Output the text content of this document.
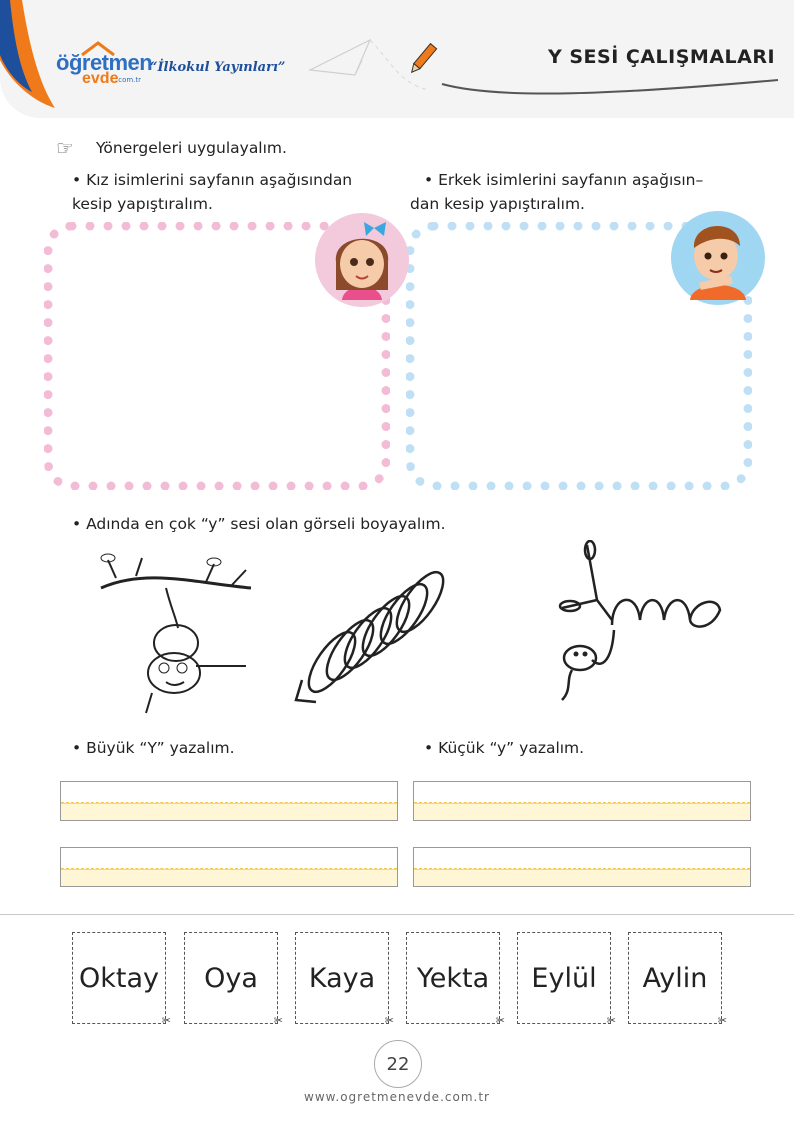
öğretmen
evde
.com.tr
“İlkokul Yayınları”	Y SESİ ÇALIŞMALARI
☞ Yönergeleri uygulayalım.
• Kız isimlerini sayfanın aşağısından
kesip yapıştıralım.
• Erkek isimlerini sayfanın aşağısın–
dan kesip yapıştıralım.
• Adında en çok “y” sesi olan görseli boyayalım.
• Büyük “Y” yazalım.	• Küçük “y” yazalım.
Oktay
✂
Oya
✂
Kaya
✂
Yekta
✂
Eylül
✂
Aylin
✂
22
www.ogretmenevde.com.tr
